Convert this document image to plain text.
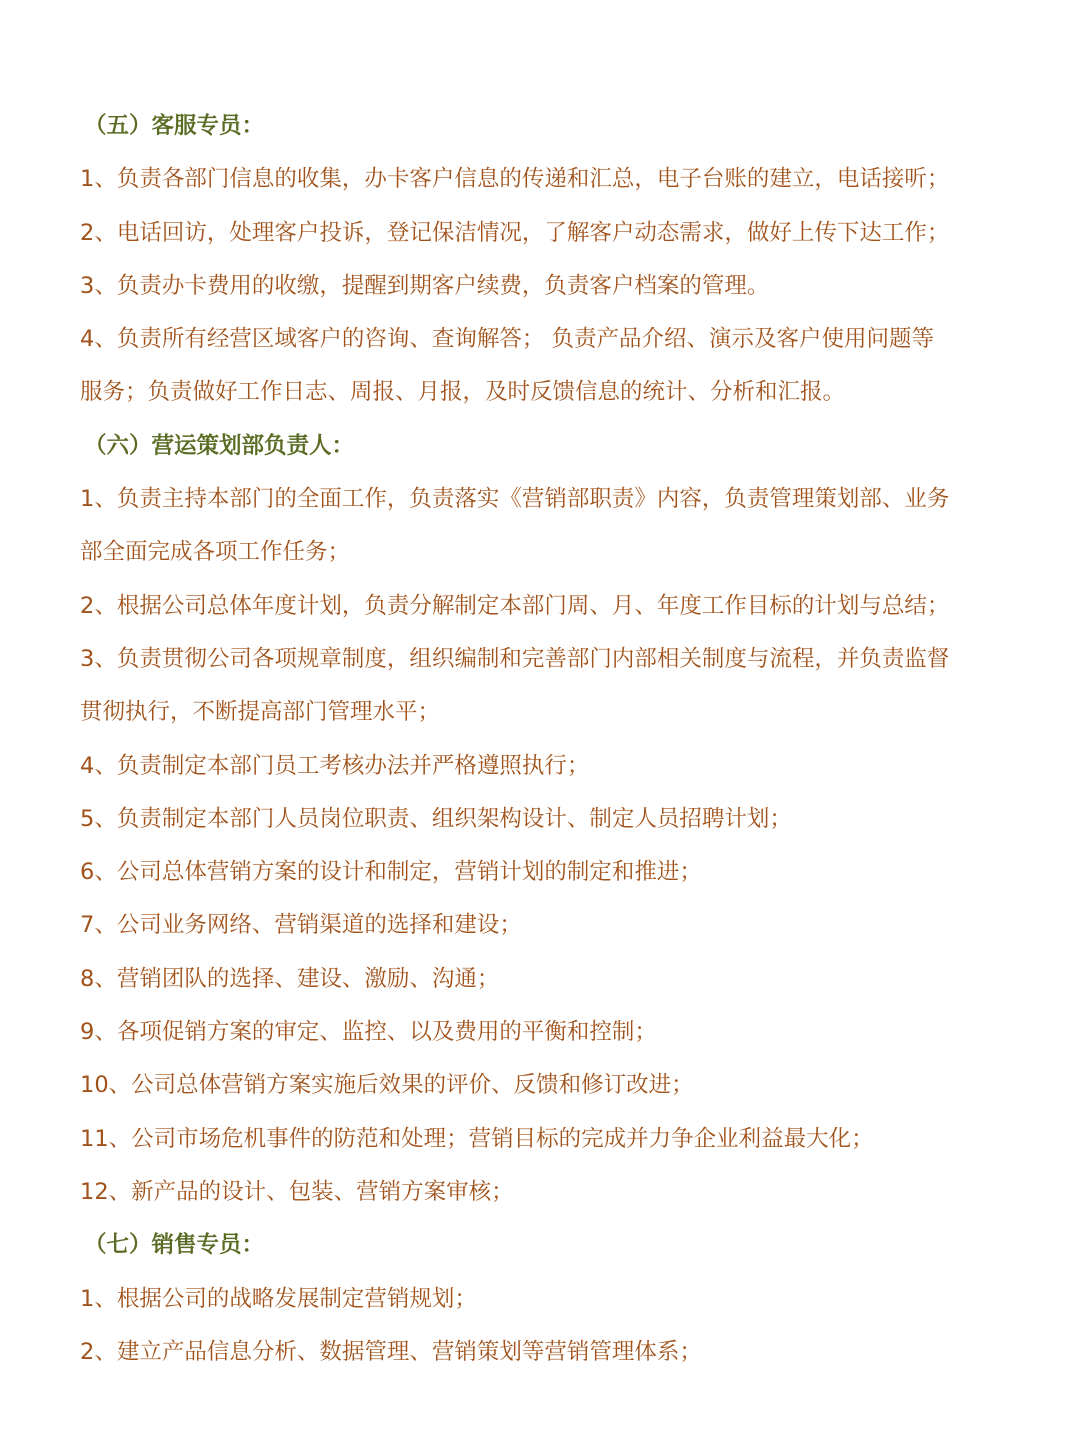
（五）客服专员：
1、负责各部门信息的收集，办卡客户信息的传递和汇总，电子台账的建立，电话接听；
2、电话回访，处理客户投诉，登记保洁情况，了解客户动态需求，做好上传下达工作；
3、负责办卡费用的收缴，提醒到期客户续费，负责客户档案的管理。
4、负责所有经营区域客户的咨询、查询解答； 负责产品介绍、演示及客户使用问题等
服务；负责做好工作日志、周报、月报，及时反馈信息的统计、分析和汇报。
（六）营运策划部负责人：
1、负责主持本部门的全面工作，负责落实《营销部职责》内容，负责管理策划部、业务
部全面完成各项工作任务；
2、根据公司总体年度计划，负责分解制定本部门周、月、年度工作目标的计划与总结；
3、负责贯彻公司各项规章制度，组织编制和完善部门内部相关制度与流程，并负责监督
贯彻执行，不断提高部门管理水平；
4、负责制定本部门员工考核办法并严格遵照执行；
5、负责制定本部门人员岗位职责、组织架构设计、制定人员招聘计划；
6、公司总体营销方案的设计和制定，营销计划的制定和推进；
7、公司业务网络、营销渠道的选择和建设；
8、营销团队的选择、建设、激励、沟通；
9、各项促销方案的审定、监控、以及费用的平衡和控制；
10、公司总体营销方案实施后效果的评价、反馈和修订改进；
11、公司市场危机事件的防范和处理；营销目标的完成并力争企业利益最大化；
12、新产品的设计、包装、营销方案审核；
（七）销售专员：
1、根据公司的战略发展制定营销规划；
2、建立产品信息分析、数据管理、营销策划等营销管理体系；
